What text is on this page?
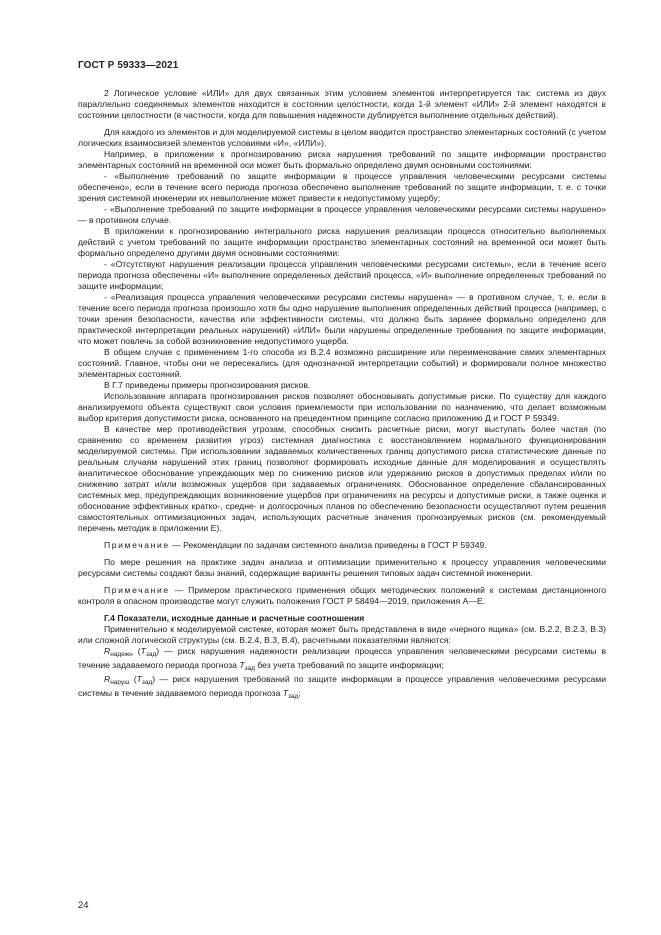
ГОСТ Р 59333—2021

2 Логическое условие «ИЛИ» для двух связанных этим условием элементов интерпретируется так: система из двух параллельно соединяемых элементов находится в состоянии целостности, когда 1-й элемент «ИЛИ» 2-й элемент находятся в состоянии целостности (в частности, когда для повышения надежности дублируется выполнение отдельных действий).

Для каждого из элементов и для моделируемой системы в целом вводится пространство элементарных состояний (с учетом логических взаимосвязей элементов условиями «И», «ИЛИ»).

Например, в приложении к прогнозированию риска нарушения требований по защите информации пространство элементарных состояний на временной оси может быть формально определено двумя основными состояниями:

- «Выполнение требований по защите информации в процессе управления человеческими ресурсами системы обеспечено», если в течение всего периода прогноза обеспечено выполнение требований по защите информации, т. е. с точки зрения системной инженерии их невыполнение может привести к недопустимому ущербу;

- «Выполнение требований по защите информации в процессе управления человеческими ресурсами системы нарушено» — в противном случае.

В приложении к прогнозированию интегрального риска нарушения реализации процесса относительно выполняемых действий с учетом требований по защите информации пространство элементарных состояний на временной оси может быть формально определено другими двумя основными состояниями:

- «Отсутствуют нарушения реализации процесса управления человеческими ресурсами системы», если в течение всего периода прогноза обеспечены «И» выполнение определенных действий процесса, «И» выполнение определенных требований по защите информации;

- «Реализация процесса управления человеческими ресурсами системы нарушена» — в противном случае, т. е. если в течение всего периода прогноза произошло хотя бы одно нарушение выполнения определенных действий процесса (например, с точки зрения безопасности, качества или эффективности системы, что должно быть заранее формально определено для практической интерпретации реальных нарушений) «ИЛИ» были нарушены определенные требования по защите информации, что может повлечь за собой возникновение недопустимого ущерба.

В общем случае с применением 1-го способа из В.2.4 возможно расширение или переименование самих элементарных состояний. Главное, чтобы они не пересекались (для однозначной интерпретации событий) и формировали полное множество элементарных состояний.

В Г.7 приведены примеры прогнозирования рисков.

Использование аппарата прогнозирования рисков позволяет обосновывать допустимые риски. По существу для каждого анализируемого объекта существуют свои условия приемлемости при использовании по назначению, что делает возможным выбор критерия допустимости риска, основанного на прецедентном принципе согласно приложению Д и ГОСТ Р 59349.

В качестве мер противодействия угрозам, способных снизить расчетные риски, могут выступать более частая (по сравнению со временем развития угроз) системная диагностика с восстановлением нормального функционирования моделируемой системы. При использовании задаваемых количественных границ допустимого риска статистические данные по реальным случаям нарушений этих границ позволяют формировать исходные данные для моделирования и осуществлять аналитическое обоснование упреждающих мер по снижению рисков или удержанию рисков в допустимых пределах и/или по снижению затрат и/или возможных ущербов при задаваемых ограничениях. Обоснованное определение сбалансированных системных мер, предупреждающих возникновение ущербов при ограничениях на ресурсы и допустимые риски, а также оценка и обоснование эффективных кратко-, средне- и долгосрочных планов по обеспечению безопасности осуществляют путем решения самостоятельных оптимизационных задач, использующих расчетные значения прогнозируемых рисков (см. рекомендуемый перечень методик в приложении Е).

Примечание — Рекомендации по задачам системного анализа приведены в ГОСТ Р 59349.

По мере решения на практике задач анализа и оптимизации применительно к процессу управления человеческими ресурсами системы создают базы знаний, содержащие варианты решения типовых задач системной инженерии.

Примечание — Примером практического применения общих методических положений к системам дистанционного контроля в опасном производстве могут служить положения ГОСТ Р 58494—2019, приложения А—Е.

Г.4 Показатели, исходные данные и расчетные соотношения

Применительно к моделируемой системе, которая может быть представлена в виде «черного ящика» (см. В.2.2, В.2.3, В.3) или сложной логической структуры (см. В.2.4, В.3, В.4), расчетными показателями являются:

$R_{надежн}$ $(T_{зад})$ — риск нарушения надежности реализации процесса управления человеческими ресурсами системы в течение задаваемого периода прогноза $T_{зад}$ без учета требований по защите информации;

$R_{наруш}$ $(T_{зад})$ — риск нарушения требований по защите информации в процессе управления человеческими ресурсами системы в течение задаваемого периода прогноза $T_{зад}$;

24
